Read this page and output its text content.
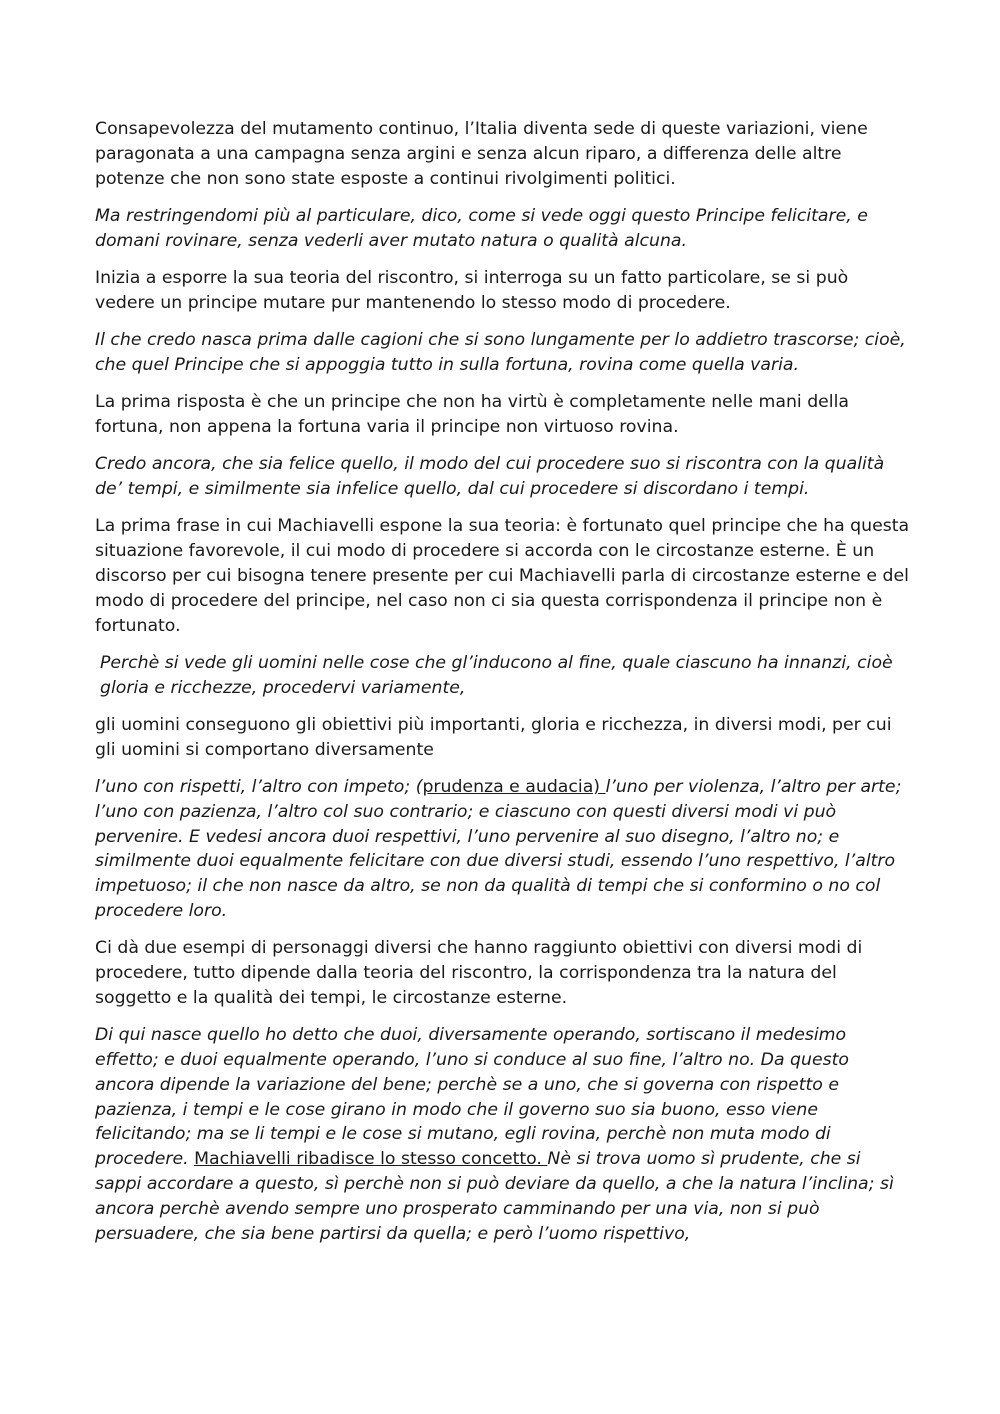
Consapevolezza del mutamento continuo, l’Italia diventa sede di queste variazioni, viene paragonata a una campagna senza argini e senza alcun riparo, a differenza delle altre potenze che non sono state esposte a continui rivolgimenti politici.

Ma restringendomi più al particulare, dico, come si vede oggi questo Principe felicitare, e domani rovinare, senza vederli aver mutato natura o qualità alcuna.

Inizia a esporre la sua teoria del riscontro, si interroga su un fatto particolare, se si può vedere un principe mutare pur mantenendo lo stesso modo di procedere.

Il che credo nasca prima dalle cagioni che si sono lungamente per lo addietro trascorse; cioè, che quel Principe che si appoggia tutto in sulla fortuna, rovina come quella varia.

La prima risposta è che un principe che non ha virtù è completamente nelle mani della fortuna, non appena la fortuna varia il principe non virtuoso rovina.

Credo ancora, che sia felice quello, il modo del cui procedere suo si riscontra con la qualità de’ tempi, e similmente sia infelice quello, dal cui procedere si discordano i tempi.

La prima frase in cui Machiavelli espone la sua teoria: è fortunato quel principe che ha questa situazione favorevole, il cui modo di procedere si accorda con le circostanze esterne. È un discorso per cui bisogna tenere presente per cui Machiavelli parla di circostanze esterne e del modo di procedere del principe, nel caso non ci sia questa corrispondenza il principe non è fortunato.

Perchè si vede gli uomini nelle cose che gl’inducono al fine, quale ciascuno ha innanzi, cioè gloria e ricchezze, procedervi variamente,

gli uomini conseguono gli obiettivi più importanti, gloria e ricchezza, in diversi modi, per cui gli uomini si comportano diversamente

l’uno con rispetti, l’altro con impeto; (prudenza e audacia) l’uno per violenza, l’altro per arte; l’uno con pazienza, l’altro col suo contrario; e ciascuno con questi diversi modi vi può pervenire. E vedesi ancora duoi respettivi, l’uno pervenire al suo disegno, l’altro no; e similmente duoi equalmente felicitare con due diversi studi, essendo l’uno respettivo, l’altro impetuoso; il che non nasce da altro, se non da qualità di tempi che si conformino o no col procedere loro.

Ci dà due esempi di personaggi diversi che hanno raggiunto obiettivi con diversi modi di procedere, tutto dipende dalla teoria del riscontro, la corrispondenza tra la natura del soggetto e la qualità dei tempi, le circostanze esterne.

Di qui nasce quello ho detto che duoi, diversamente operando, sortiscano il medesimo effetto; e duoi equalmente operando, l’uno si conduce al suo fine, l’altro no. Da questo ancora dipende la variazione del bene; perchè se a uno, che si governa con rispetto e pazienza, i tempi e le cose girano in modo che il governo suo sia buono, esso viene felicitando; ma se li tempi e le cose si mutano, egli rovina, perchè non muta modo di procedere. Machiavelli ribadisce lo stesso concetto. Nè si trova uomo sì prudente, che si sappi accordare a questo, sì perchè non si può deviare da quello, a che la natura l’inclina; sì ancora perchè avendo sempre uno prosperato camminando per una via, non si può persuadere, che sia bene partirsi da quella; e però l’uomo rispettivo,
